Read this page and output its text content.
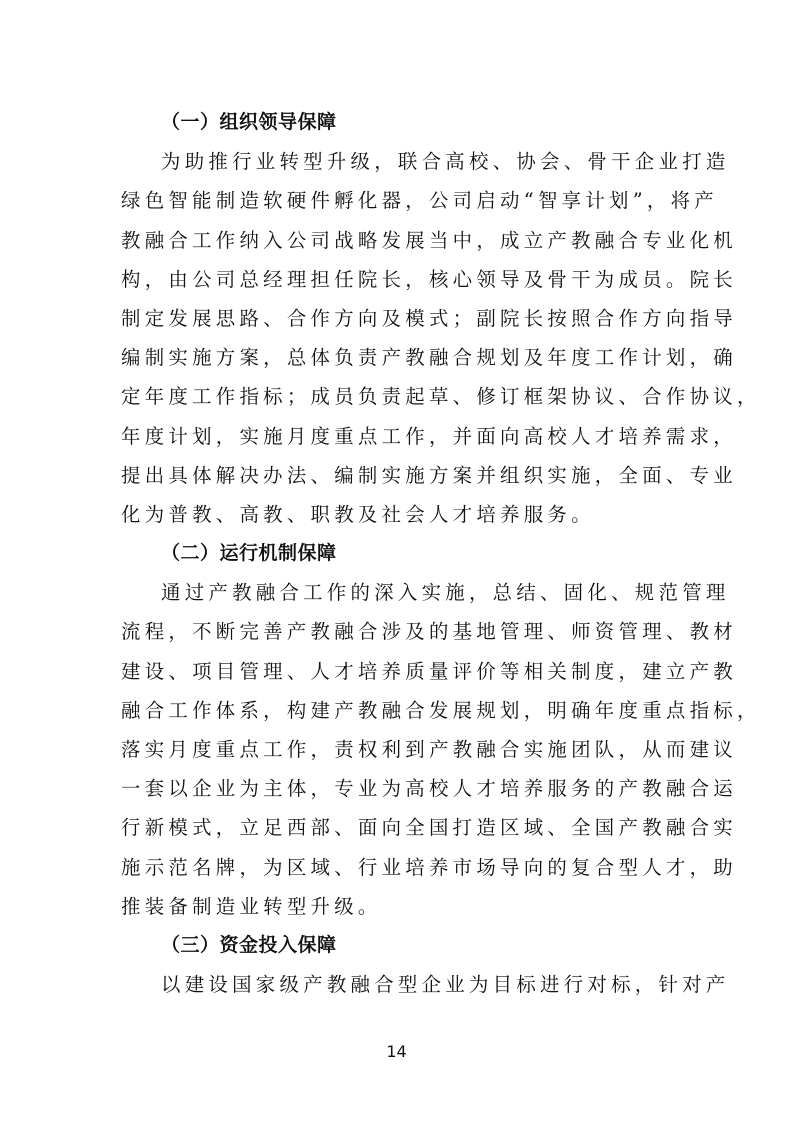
（一）组织领导保障

为助推行业转型升级，联合高校、协会、骨干企业打造
绿色智能制造软硬件孵化器，公司启动“智享计划”，将产
教融合工作纳入公司战略发展当中，成立产教融合专业化机
构，由公司总经理担任院长，核心领导及骨干为成员。院长
制定发展思路、合作方向及模式；副院长按照合作方向指导
编制实施方案，总体负责产教融合规划及年度工作计划，确
定年度工作指标；成员负责起草、修订框架协议、合作协议，
年度计划，实施月度重点工作，并面向高校人才培养需求，
提出具体解决办法、编制实施方案并组织实施，全面、专业
化为普教、高教、职教及社会人才培养服务。

（二）运行机制保障

通过产教融合工作的深入实施，总结、固化、规范管理
流程，不断完善产教融合涉及的基地管理、师资管理、教材
建设、项目管理、人才培养质量评价等相关制度，建立产教
融合工作体系，构建产教融合发展规划，明确年度重点指标，
落实月度重点工作，责权利到产教融合实施团队，从而建议
一套以企业为主体，专业为高校人才培养服务的产教融合运
行新模式，立足西部、面向全国打造区域、全国产教融合实
施示范名牌，为区域、行业培养市场导向的复合型人才，助
推装备制造业转型升级。

（三）资金投入保障

以建设国家级产教融合型企业为目标进行对标，针对产

14
